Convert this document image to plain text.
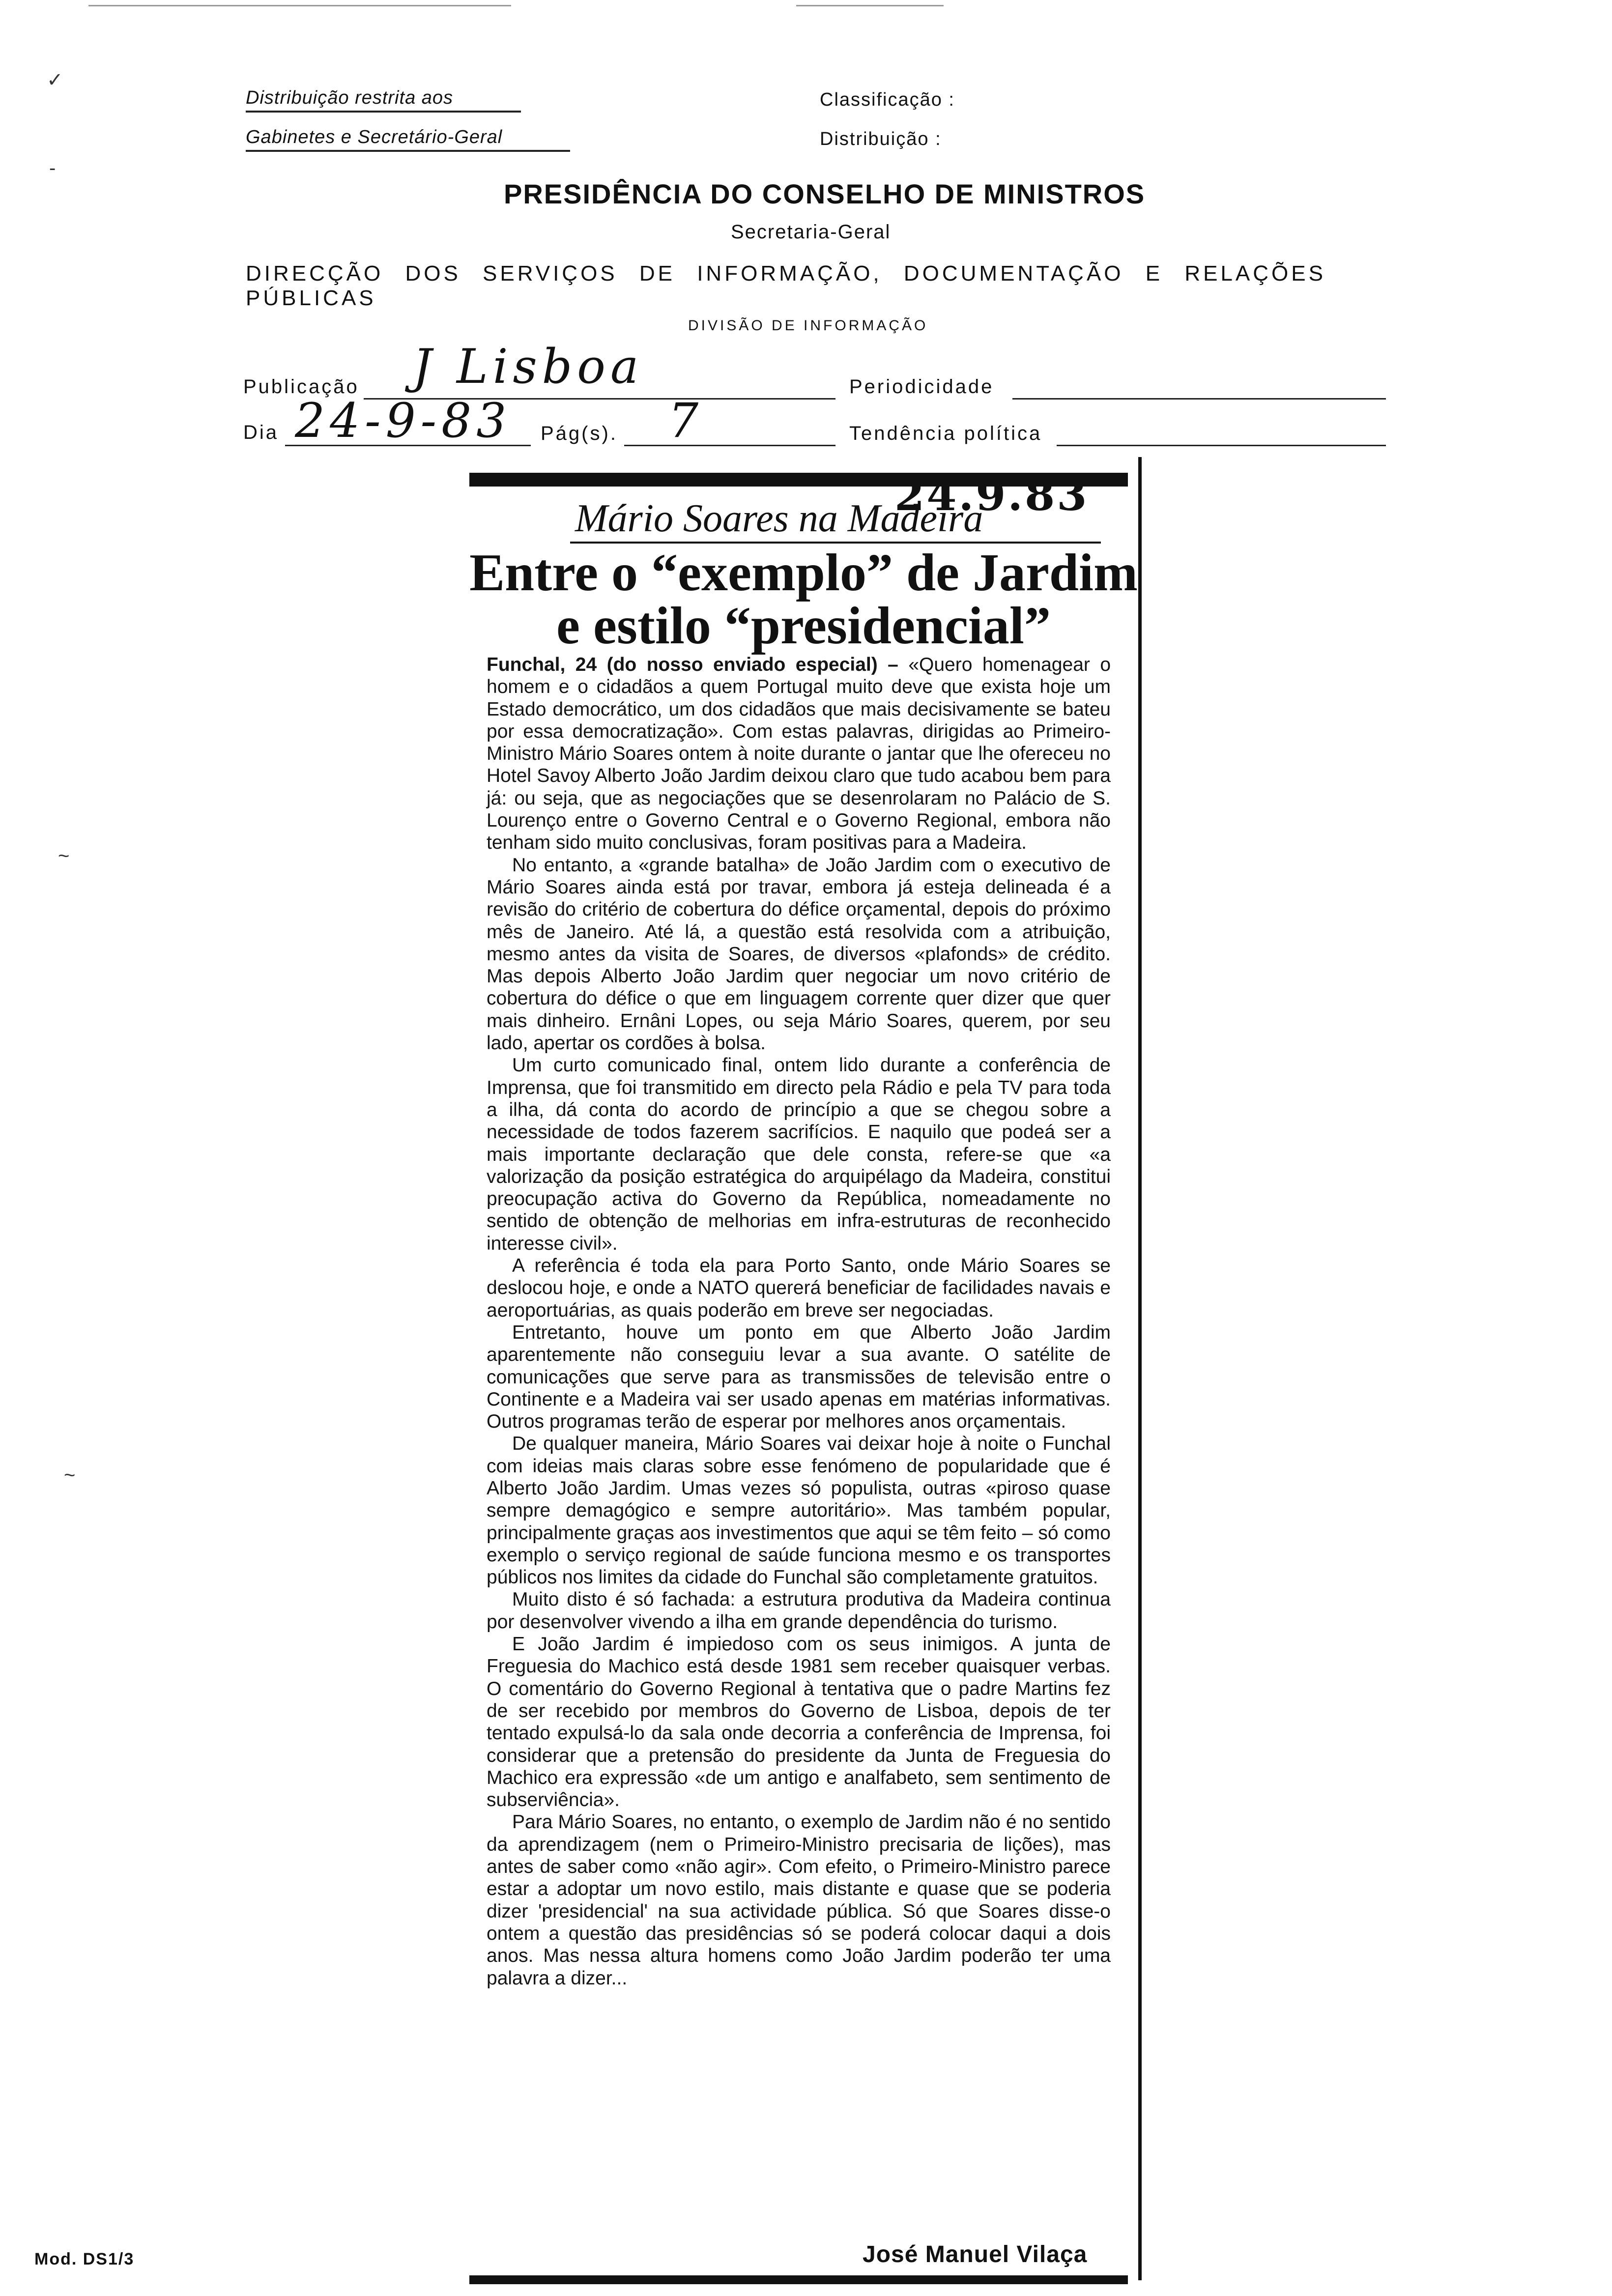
✓
-
~
~
Distribuição restrita aos
Gabinetes e Secretário-Geral
Classificação :
Distribuição :
PRESIDÊNCIA DO CONSELHO DE MINISTROS
Secretaria-Geral
DIRECÇÃO DOS SERVIÇOS DE INFORMAÇÃO, DOCUMENTAÇÃO E RELAÇÕES PÚBLICAS
DIVISÃO DE INFORMAÇÃO
Publicação J Lisboa	Periodicidade
Dia 24-9-83 Pág(s). 7	Tendência política
Mário Soares na Madeira
24.9.83
Entre o “exemplo” de Jardim
e estilo “presidencial”

Funchal, 24 (do nosso enviado especial) – «Quero homenagear o homem e o cidadãos a quem Portugal muito deve que exista hoje um Estado democrático, um dos cidadãos que mais decisivamente se bateu por essa democratização». Com estas palavras, dirigidas ao Primeiro-Ministro Mário Soares ontem à noite durante o jantar que lhe ofereceu no Hotel Savoy Alberto João Jardim deixou claro que tudo acabou bem para já: ou seja, que as negociações que se desenrolaram no Palácio de S. Lourenço entre o Governo Central e o Governo Regional, embora não tenham sido muito conclusivas, foram positivas para a Madeira.

No entanto, a «grande batalha» de João Jardim com o executivo de Mário Soares ainda está por travar, embora já esteja delineada é a revisão do critério de cobertura do défice orçamental, depois do próximo mês de Janeiro. Até lá, a questão está resolvida com a atribuição, mesmo antes da visita de Soares, de diversos «plafonds» de crédito. Mas depois Alberto João Jardim quer negociar um novo critério de cobertura do défice o que em linguagem corrente quer dizer que quer mais dinheiro. Ernâni Lopes, ou seja Mário Soares, querem, por seu lado, apertar os cordões à bolsa.

Um curto comunicado final, ontem lido durante a conferência de Imprensa, que foi transmitido em directo pela Rádio e pela TV para toda a ilha, dá conta do acordo de princípio a que se chegou sobre a necessidade de todos fazerem sacrifícios. E naquilo que podeá ser a mais importante declaração que dele consta, refere-se que «a valorização da posição estratégica do arquipélago da Madeira, constitui preocupação activa do Governo da República, nomeadamente no sentido de obtenção de melhorias em infra-estruturas de reconhecido interesse civil».

A referência é toda ela para Porto Santo, onde Mário Soares se deslocou hoje, e onde a NATO quererá beneficiar de facilidades navais e aeroportuárias, as quais poderão em breve ser negociadas.

Entretanto, houve um ponto em que Alberto João Jardim aparentemente não conseguiu levar a sua avante. O satélite de comunicações que serve para as transmissões de televisão entre o Continente e a Madeira vai ser usado apenas em matérias informativas. Outros programas terão de esperar por melhores anos orçamentais.

De qualquer maneira, Mário Soares vai deixar hoje à noite o Funchal com ideias mais claras sobre esse fenómeno de popularidade que é Alberto João Jardim. Umas vezes só populista, outras «piroso quase sempre demagógico e sempre autoritário». Mas também popular, principalmente graças aos investimentos que aqui se têm feito – só como exemplo o serviço regional de saúde funciona mesmo e os transportes públicos nos limites da cidade do Funchal são completamente gratuitos.

Muito disto é só fachada: a estrutura produtiva da Madeira continua por desenvolver vivendo a ilha em grande dependência do turismo.

E João Jardim é impiedoso com os seus inimigos. A junta de Freguesia do Machico está desde 1981 sem receber quaisquer verbas. O comentário do Governo Regional à tentativa que o padre Martins fez de ser recebido por membros do Governo de Lisboa, depois de ter tentado expulsá-lo da sala onde decorria a conferência de Imprensa, foi considerar que a pretensão do presidente da Junta de Freguesia do Machico era expressão «de um antigo e analfabeto, sem sentimento de subserviência».

Para Mário Soares, no entanto, o exemplo de Jardim não é no sentido da aprendizagem (nem o Primeiro-Ministro precisaria de lições), mas antes de saber como «não agir». Com efeito, o Primeiro-Ministro parece estar a adoptar um novo estilo, mais distante e quase que se poderia dizer 'presidencial' na sua actividade pública. Só que Soares disse-o ontem a questão das presidências só se poderá colocar daqui a dois anos. Mas nessa altura homens como João Jardim poderão ter uma palavra a dizer...

José Manuel Vilaça
Mod. DS1/3
